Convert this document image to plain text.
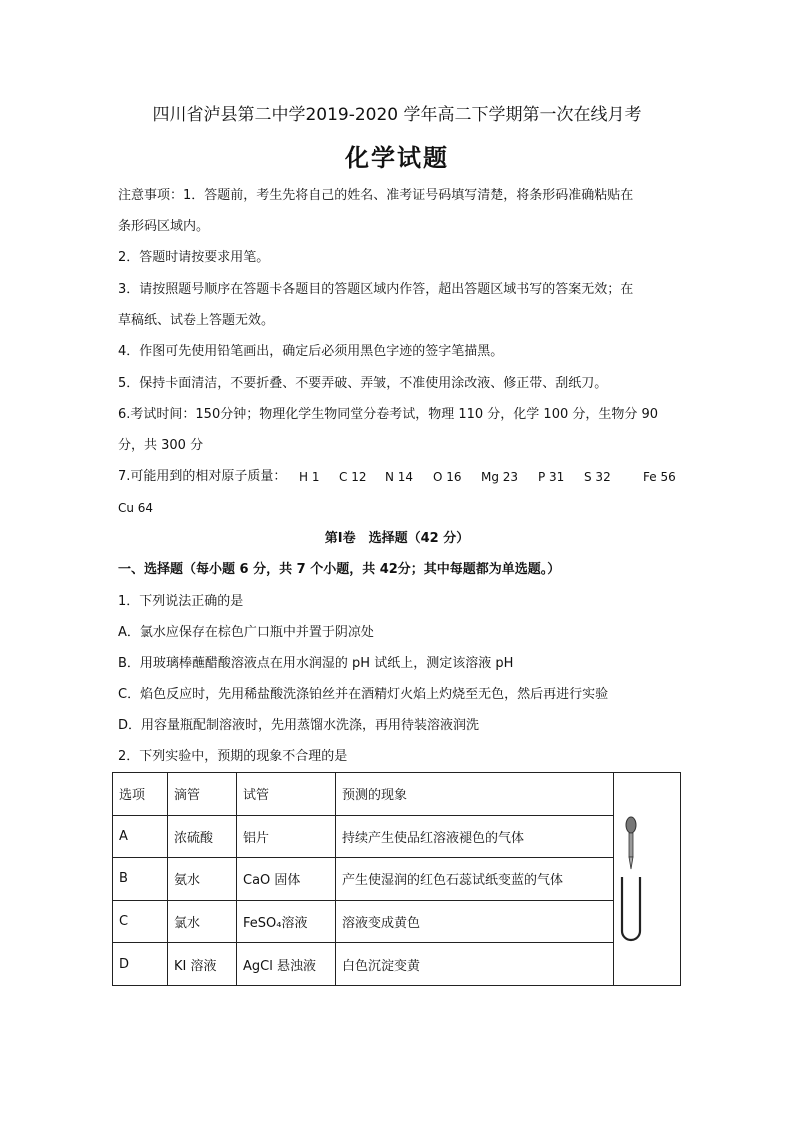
四川省泸县第二中学2019-2020 学年高二下学期第一次在线月考
化学试题
注意事项：1．答题前，考生先将自己的姓名、准考证号码填写清楚，将条形码准确粘贴在
条形码区域内。
2．答题时请按要求用笔。
3．请按照题号顺序在答题卡各题目的答题区域内作答，超出答题区域书写的答案无效；在
草稿纸、试卷上答题无效。
4．作图可先使用铅笔画出，确定后必须用黑色字迹的签字笔描黑。
5．保持卡面清洁，不要折叠、不要弄破、弄皱，不准使用涂改液、修正带、刮纸刀。
6.考试时间：150分钟；物理化学生物同堂分卷考试，物理 110 分，化学 100 分，生物分 90
分，共 300 分
7.可能用到的相对原子质量： H 1 C 12 N 14 O 16 Mg 23 P 31 S 32	Fe 56
Cu 64
第Ⅰ卷　选择题（42 分）
一、选择题（每小题 6 分，共 7 个小题，共 42分；其中每题都为单选题。）
1．下列说法正确的是
A．氯水应保存在棕色广口瓶中并置于阴凉处
B．用玻璃棒蘸醋酸溶液点在用水润湿的 pH 试纸上，测定该溶液 pH
C．焰色反应时，先用稀盐酸洗涤铂丝并在酒精灯火焰上灼烧至无色，然后再进行实验
D．用容量瓶配制溶液时，先用蒸馏水洗涤，再用待装溶液润洗
2．下列实验中，预期的现象不合理的是
选项	滴管	试管	预测的现象	
A	浓硫酸	铝片	持续产生使品红溶液褪色的气体	
B	氨水	CaO 固体	产生使湿润的红色石蕊试纸变蓝的气体	
C	氯水	FeSO₄溶液	溶液变成黄色	
D	KI 溶液	AgCl 悬浊液	白色沉淀变黄	
